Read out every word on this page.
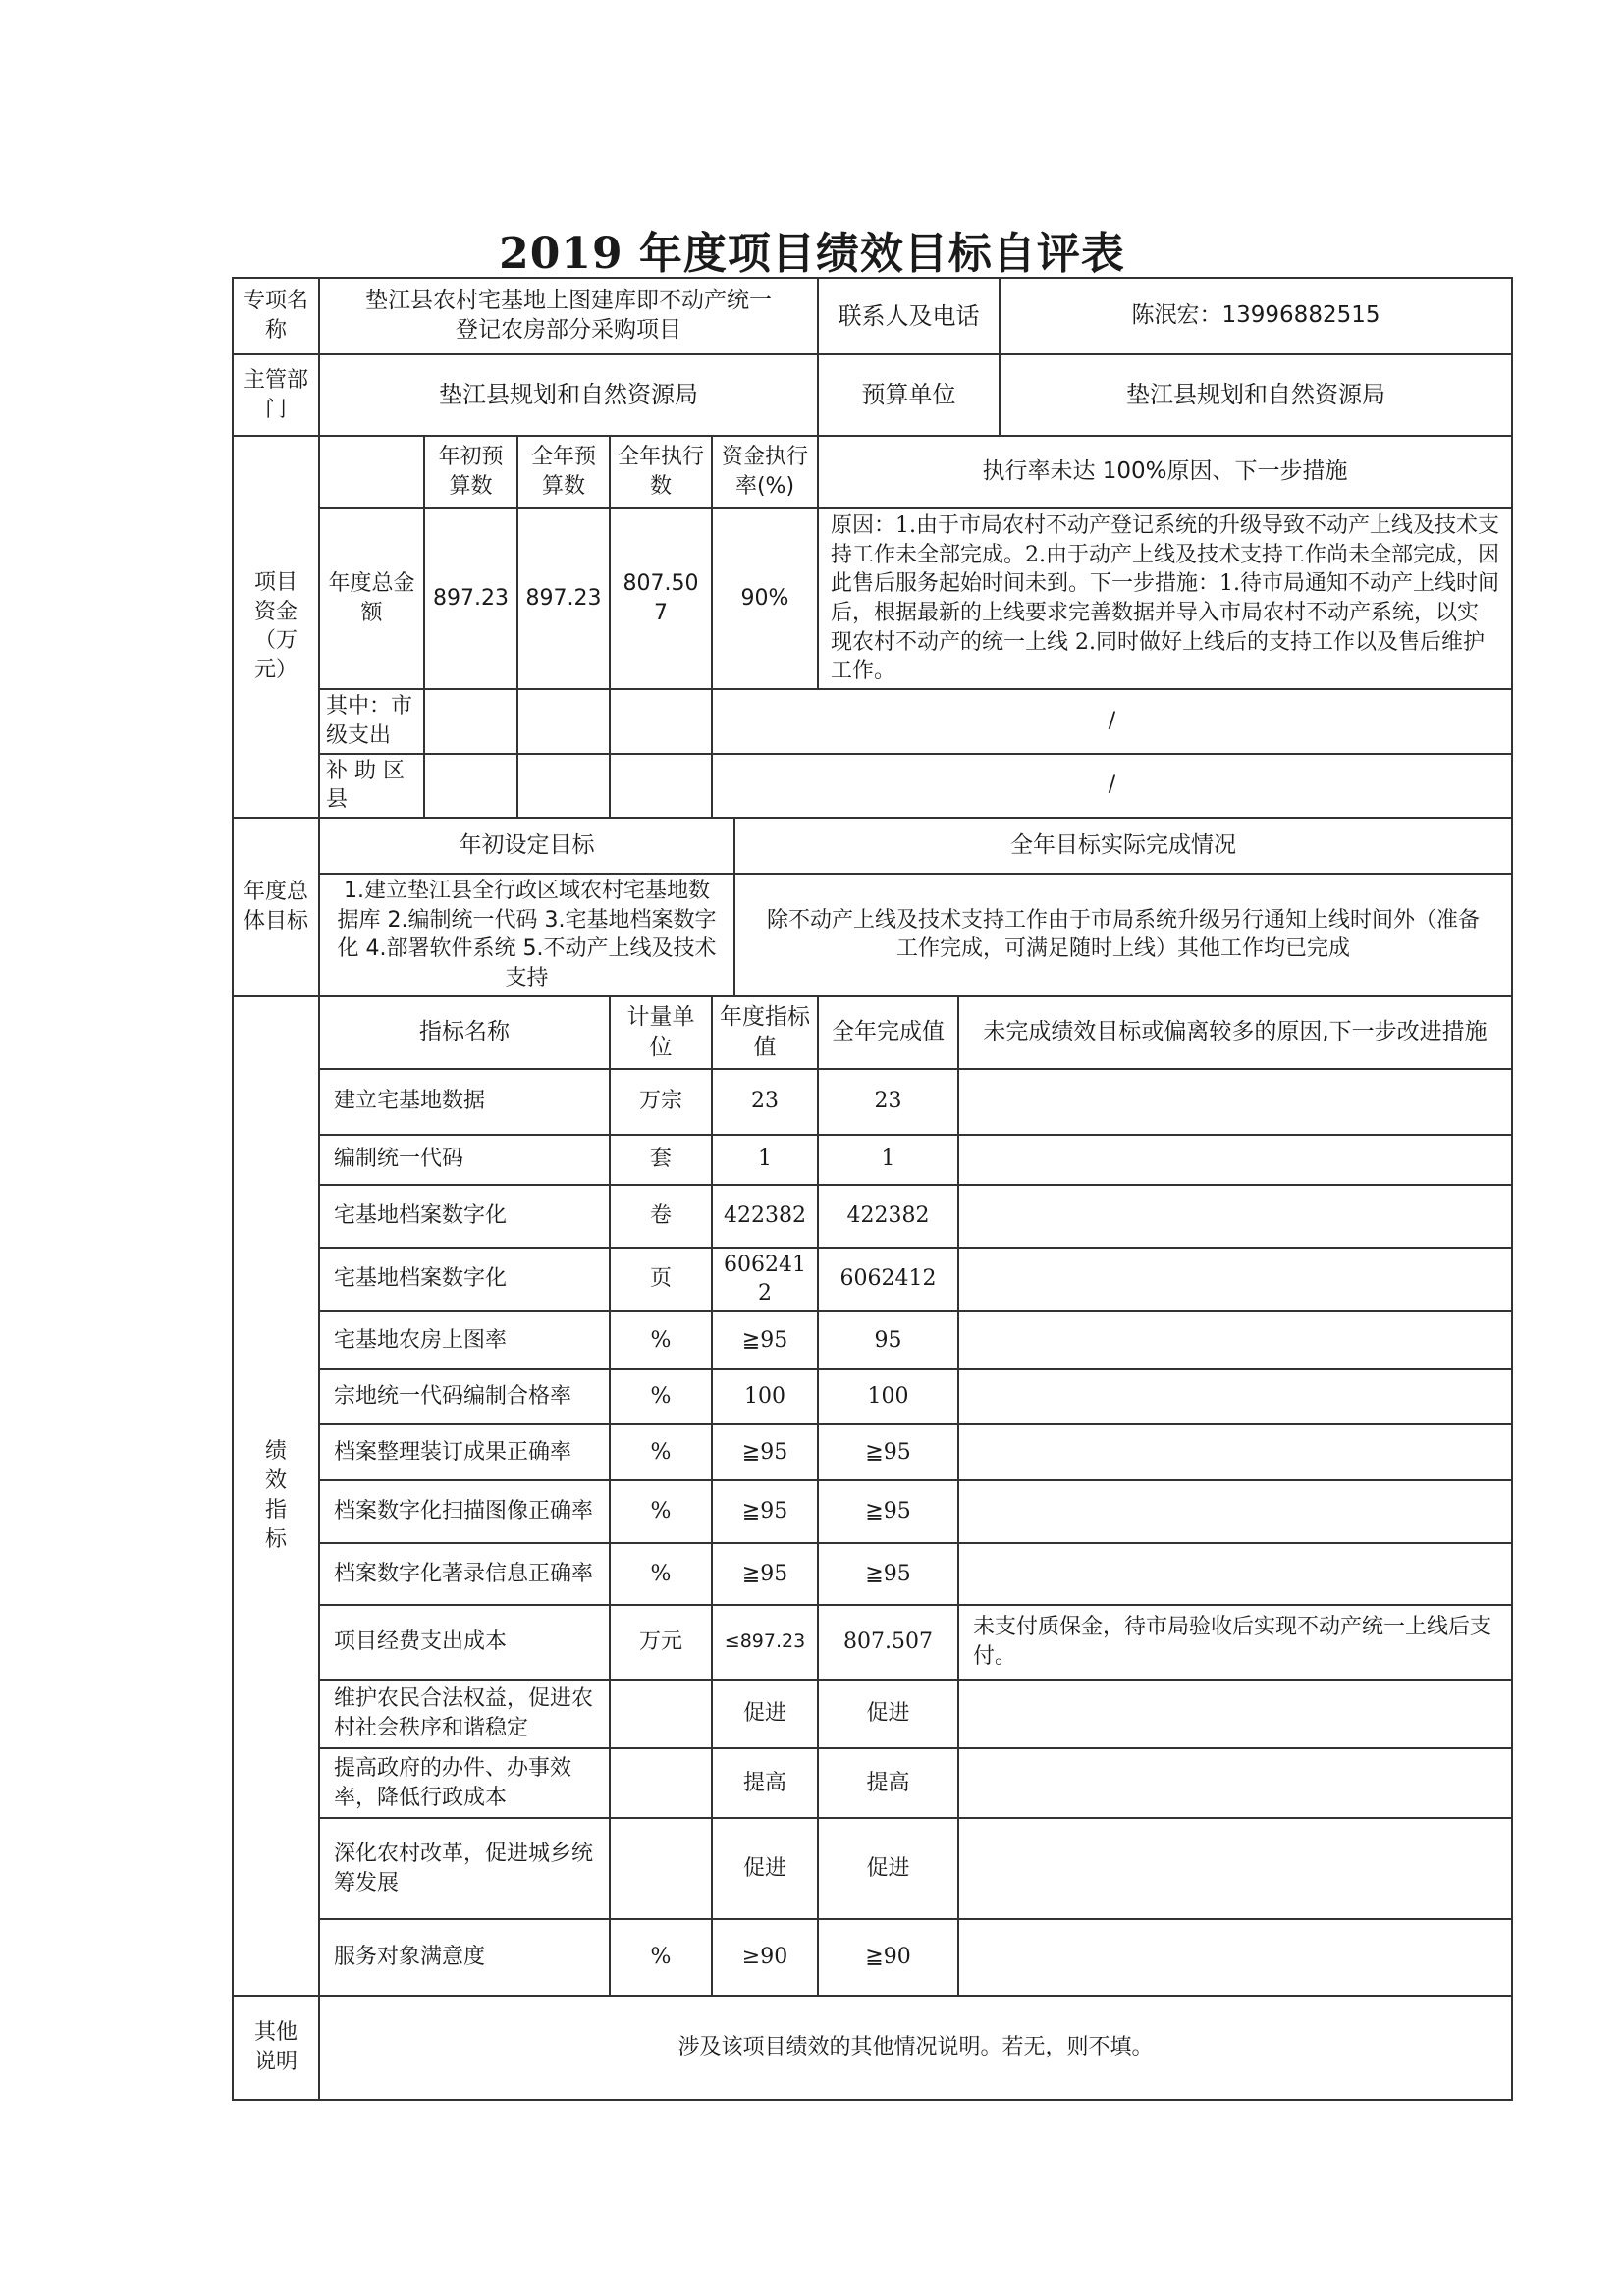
2019 年度项目绩效目标自评表
专项名称	垫江县农村宅基地上图建库即不动产统一登记农房部分采购项目						联系人及电话		陈泯宏：13996882515
主管部门	垫江县规划和自然资源局						预算单位		垫江县规划和自然资源局
项目资金（万元）		年初预算数	全年预算数	全年执行数	资金执行率(%)		执行率未达 100%原因、下一步措施		
	年度总金额	897.23	897.23	807.507	90%		原因：1.由于市局农村不动产登记系统的升级导致不动产上线及技术支持工作未全部完成。2.由于动产上线及技术支持工作尚未全部完成，因此售后服务起始时间未到。下一步措施：1.待市局通知不动产上线时间后，根据最新的上线要求完善数据并导入市局农村不动产系统，以实现农村不动产的统一上线 2.同时做好上线后的支持工作以及售后维护工作。		
	其中：市级支出				/				
	补 助 区 县				/				
年度总体目标	年初设定目标					全年目标实际完成情况			
	1.建立垫江县全行政区域农村宅基地数据库 2.编制统一代码 3.宅基地档案数字化 4.部署软件系统 5.不动产上线及技术支持					除不动产上线及技术支持工作由于市局系统升级另行通知上线时间外（准备工作完成，可满足随时上线）其他工作均已完成			
绩效指标	指标名称			计量单位	年度指标值		全年完成值	未完成绩效目标或偏离较多的原因,下一步改进措施	
	建立宅基地数据			万宗	23		23		
	编制统一代码			套	1		1		
	宅基地档案数字化			卷	422382		422382		
	宅基地档案数字化			页	6062412		6062412		
	宅基地农房上图率			%	≧95		95		
	宗地统一代码编制合格率			%	100		100		
	档案整理装订成果正确率			%	≧95		≧95		
	档案数字化扫描图像正确率			%	≧95		≧95		
	档案数字化著录信息正确率			%	≧95		≧95		
	项目经费支出成本			万元	≤897.23		807.507	未支付质保金，待市局验收后实现不动产统一上线后支付。	
	维护农民合法权益，促进农村社会秩序和谐稳定				促进		促进		
	提高政府的办件、办事效率，降低行政成本				提高		提高		
	深化农村改革，促进城乡统筹发展				促进		促进		
	服务对象满意度			%	≥90		≧90		
其他说明	涉及该项目绩效的其他情况说明。若无，则不填。								
